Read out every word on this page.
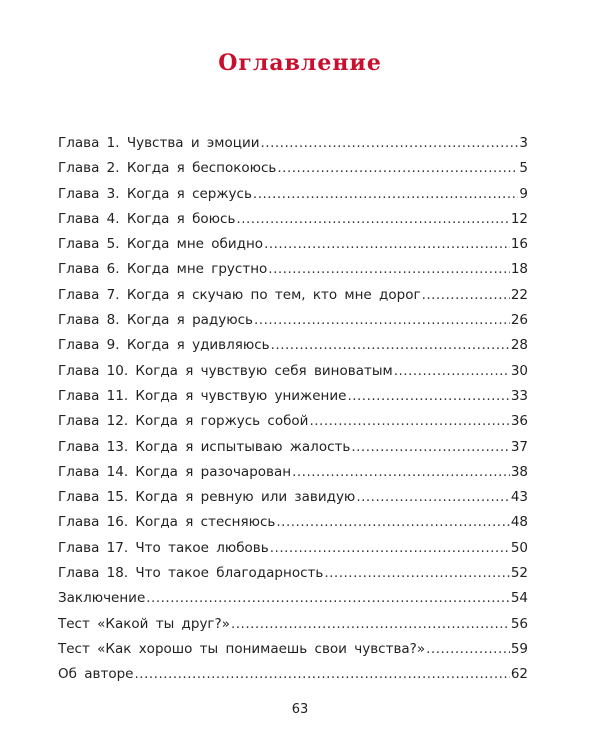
Оглавление
Глава 1. Чувства и эмоции .....	3
Глава 2. Когда я беспокоюсь .....	5
Глава 3. Когда я сержусь .....	9
Глава 4. Когда я боюсь .....	12
Глава 5. Когда мне обидно .....	16
Глава 6. Когда мне грустно .....	18
Глава 7. Когда я скучаю по тем, кто мне дорог .....	22
Глава 8. Когда я радуюсь .....	26
Глава 9. Когда я удивляюсь .....	28
Глава 10. Когда я чувствую себя виноватым .....	30
Глава 11. Когда я чувствую унижение .....	33
Глава 12. Когда я горжусь собой .....	36
Глава 13. Когда я испытываю жалость .....	37
Глава 14. Когда я разочарован .....	38
Глава 15. Когда я ревную или завидую .....	43
Глава 16. Когда я стесняюсь .....	48
Глава 17. Что такое любовь .....	50
Глава 18. Что такое благодарность .....	52
Заключение .....	54
Тест «Какой ты друг?» .....	56
Тест «Как хорошо ты понимаешь свои чувства?» .....	59
Об авторе .....	62
63
